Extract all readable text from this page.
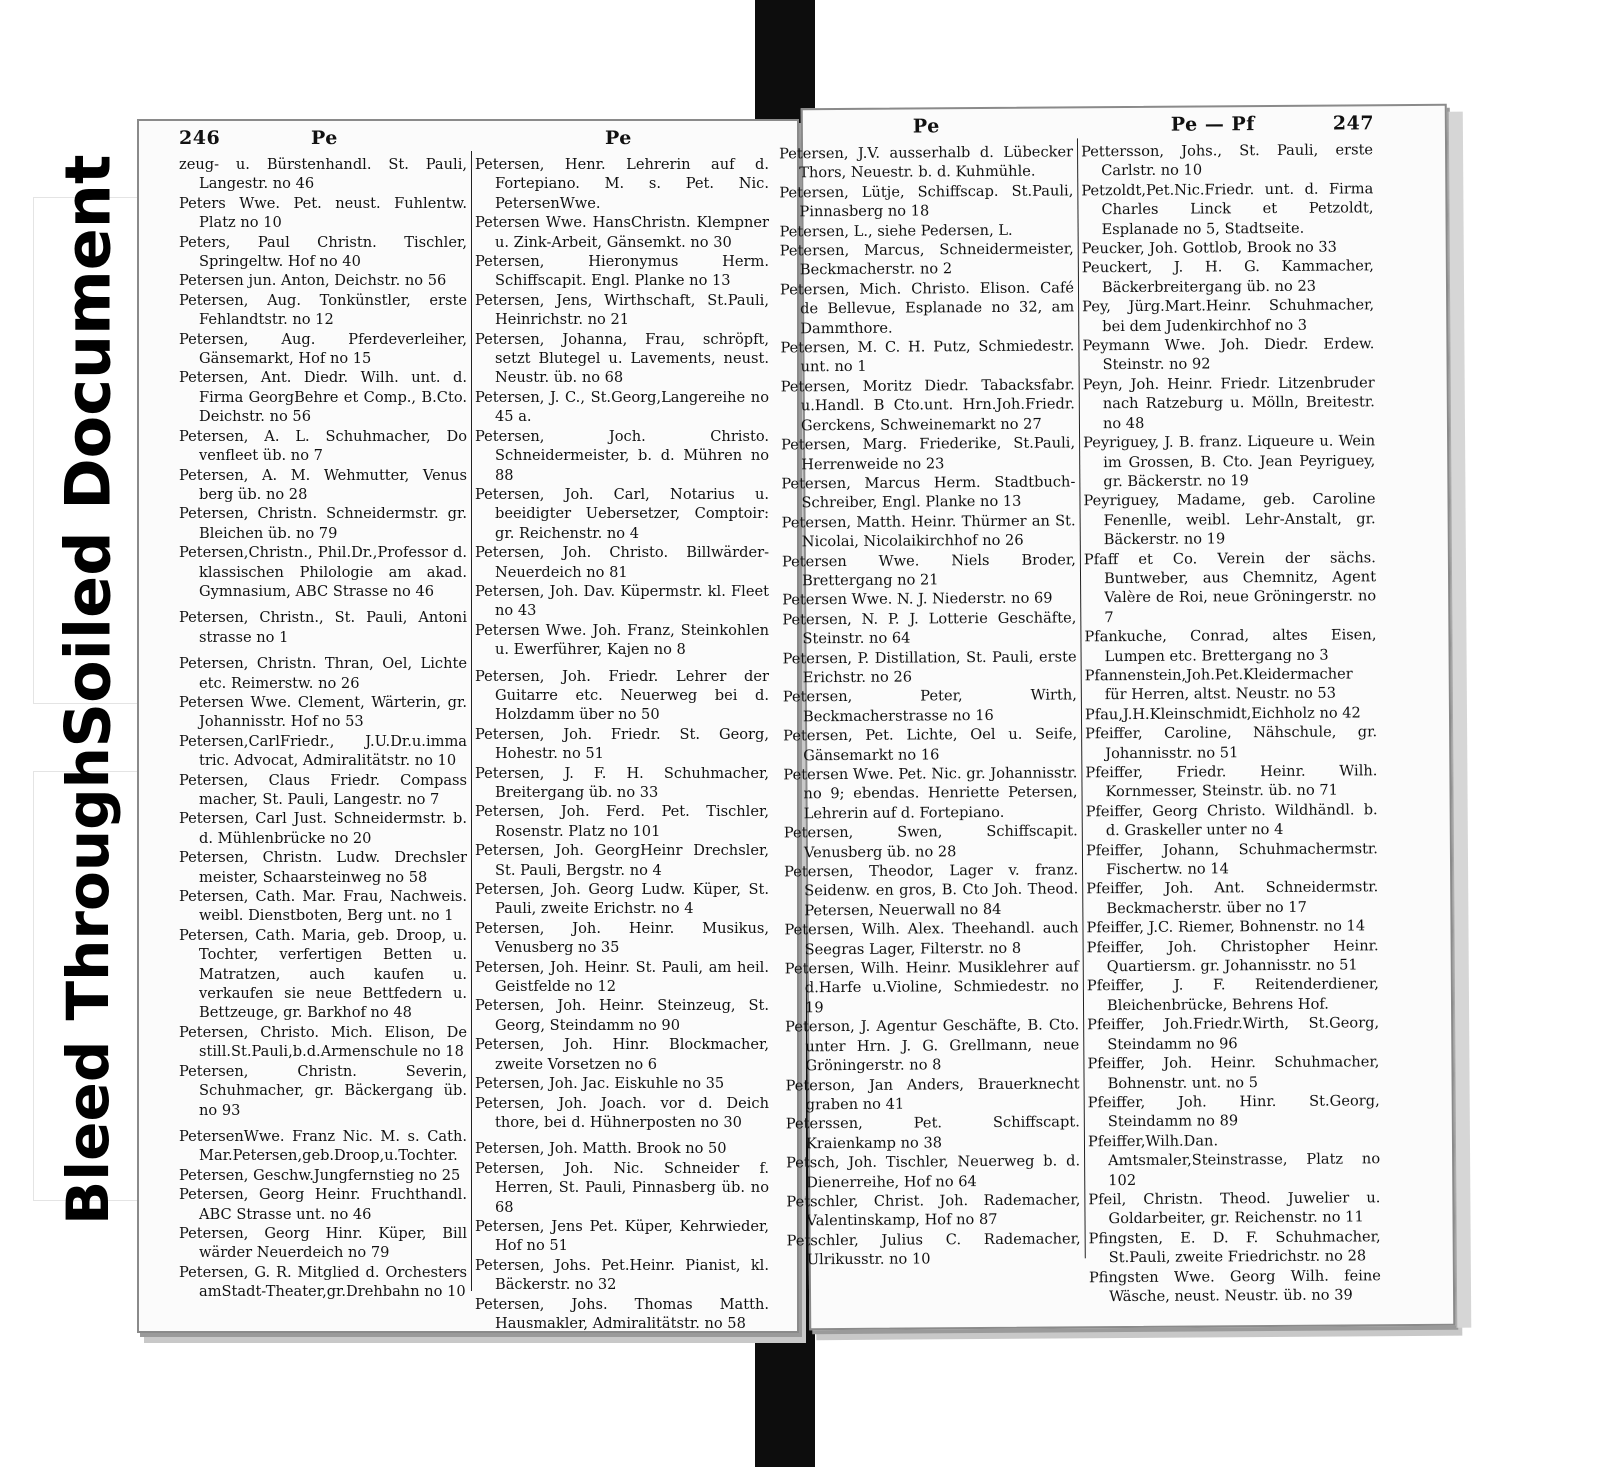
Soiled Document
Bleed Through
246	Pe	Pe

zeug- u. Bürstenhandl. St. Pauli, Langestr. no 46

Peters Wwe. Pet. neust. Fuhlentw. Platz no 10

Peters, Paul Christn. Tischler, Springeltw. Hof no 40

Petersen jun. Anton, Deichstr. no 56

Petersen, Aug. Tonkünstler, erste Fehlandtstr. no 12

Petersen, Aug. Pferdeverleiher, Gänsemarkt, Hof no 15

Petersen, Ant. Diedr. Wilh. unt. d. Firma GeorgBehre et Comp., B.Cto. Deichstr. no 56

Petersen, A. L. Schuhmacher, Do venfleet üb. no 7

Petersen, A. M. Wehmutter, Venus berg üb. no 28

Petersen, Christn. Schneidermstr. gr. Bleichen üb. no 79

Petersen,Christn., Phil.Dr.,Professor d. klassischen Philologie am akad. Gymnasium, ABC Strasse no 46

Petersen, Christn., St. Pauli, Antoni strasse no 1

Petersen, Christn. Thran, Oel, Lichte etc. Reimerstw. no 26

Petersen Wwe. Clement, Wärterin, gr. Johannisstr. Hof no 53

Petersen,CarlFriedr., J.U.Dr.u.imma tric. Advocat, Admiralitätstr. no 10

Petersen, Claus Friedr. Compass macher, St. Pauli, Langestr. no 7

Petersen, Carl Just. Schneidermstr. b. d. Mühlenbrücke no 20

Petersen, Christn. Ludw. Drechsler meister, Schaarsteinweg no 58

Petersen, Cath. Mar. Frau, Nachweis. weibl. Dienstboten, Berg unt. no 1

Petersen, Cath. Maria, geb. Droop, u. Tochter, verfertigen Betten u. Matratzen, auch kaufen u. verkaufen sie neue Bettfedern u. Bettzeuge, gr. Barkhof no 48

Petersen, Christo. Mich. Elison, De still.St.Pauli,b.d.Armenschule no 18

Petersen, Christn. Severin, Schuhmacher, gr. Bäckergang üb. no 93

PetersenWwe. Franz Nic. M. s. Cath. Mar.Petersen,geb.Droop,u.Tochter.

Petersen, Geschw.Jungfernstieg no 25

Petersen, Georg Heinr. Fruchthandl. ABC Strasse unt. no 46

Petersen, Georg Hinr. Küper, Bill wärder Neuerdeich no 79

Petersen, G. R. Mitglied d. Orchesters amStadt-Theater,gr.Drehbahn no 10

Petersen, Henr. Lehrerin auf d. Fortepiano. M. s. Pet. Nic. PetersenWwe.

Petersen Wwe. HansChristn. Klempner u. Zink-Arbeit, Gänsemkt. no 30

Petersen, Hieronymus Herm. Schiffscapit. Engl. Planke no 13

Petersen, Jens, Wirthschaft, St.Pauli, Heinrichstr. no 21

Petersen, Johanna, Frau, schröpft, setzt Blutegel u. Lavements, neust. Neustr. üb. no 68

Petersen, J. C., St.Georg,Langereihe no 45 a.

Petersen, Joch. Christo. Schneidermeister, b. d. Mühren no 88

Petersen, Joh. Carl, Notarius u. beeidigter Uebersetzer, Comptoir: gr. Reichenstr. no 4

Petersen, Joh. Christo. Billwärder-Neuerdeich no 81

Petersen, Joh. Dav. Küpermstr. kl. Fleet no 43

Petersen Wwe. Joh. Franz, Steinkohlen u. Ewerführer, Kajen no 8

Petersen, Joh. Friedr. Lehrer der Guitarre etc. Neuerweg bei d. Holzdamm über no 50

Petersen, Joh. Friedr. St. Georg, Hohestr. no 51

Petersen, J. F. H. Schuhmacher, Breitergang üb. no 33

Petersen, Joh. Ferd. Pet. Tischler, Rosenstr. Platz no 101

Petersen, Joh. GeorgHeinr Drechsler, St. Pauli, Bergstr. no 4

Petersen, Joh. Georg Ludw. Küper, St. Pauli, zweite Erichstr. no 4

Petersen, Joh. Heinr. Musikus, Venusberg no 35

Petersen, Joh. Heinr. St. Pauli, am heil. Geistfelde no 12

Petersen, Joh. Heinr. Steinzeug, St. Georg, Steindamm no 90

Petersen, Joh. Hinr. Blockmacher, zweite Vorsetzen no 6

Petersen, Joh. Jac. Eiskuhle no 35

Petersen, Joh. Joach. vor d. Deich thore, bei d. Hühnerposten no 30

Petersen, Joh. Matth. Brook no 50

Petersen, Joh. Nic. Schneider f. Herren, St. Pauli, Pinnasberg üb. no 68

Petersen, Jens Pet. Küper, Kehrwieder, Hof no 51

Petersen, Johs. Pet.Heinr. Pianist, kl. Bäckerstr. no 32

Petersen, Johs. Thomas Matth. Hausmakler, Admiralitätstr. no 58

Pe	Pe — Pf	247

Petersen, J.V. ausserhalb d. Lübecker Thors, Neuestr. b. d. Kuhmühle.

Petersen, Lütje, Schiffscap. St.Pauli, Pinnasberg no 18

Petersen, L., siehe Pedersen, L.

Petersen, Marcus, Schneidermeister, Beckmacherstr. no 2

Petersen, Mich. Christo. Elison. Café de Bellevue, Esplanade no 32, am Dammthore.

Petersen, M. C. H. Putz, Schmiedestr. unt. no 1

Petersen, Moritz Diedr. Tabacksfabr. u.Handl. B Cto.unt. Hrn.Joh.Friedr. Gerckens, Schweinemarkt no 27

Petersen, Marg. Friederike, St.Pauli, Herrenweide no 23

Petersen, Marcus Herm. Stadtbuch-Schreiber, Engl. Planke no 13

Petersen, Matth. Heinr. Thürmer an St. Nicolai, Nicolaikirchhof no 26

Petersen Wwe. Niels Broder, Brettergang no 21

Petersen Wwe. N. J. Niederstr. no 69

Petersen, N. P. J. Lotterie Geschäfte, Steinstr. no 64

Petersen, P. Distillation, St. Pauli, erste Erichstr. no 26

Petersen, Peter, Wirth, Beckmacherstrasse no 16

Petersen, Pet. Lichte, Oel u. Seife, Gänsemarkt no 16

Petersen Wwe. Pet. Nic. gr. Johannisstr. no 9; ebendas. Henriette Petersen, Lehrerin auf d. Fortepiano.

Petersen, Swen, Schiffscapit. Venusberg üb. no 28

Petersen, Theodor, Lager v. franz. Seidenw. en gros, B. Cto Joh. Theod. Petersen, Neuerwall no 84

Petersen, Wilh. Alex. Theehandl. auch Seegras Lager, Filterstr. no 8

Petersen, Wilh. Heinr. Musiklehrer auf d.Harfe u.Violine, Schmiedestr. no 19

Peterson, J. Agentur Geschäfte, B. Cto. unter Hrn. J. G. Grellmann, neue Gröningerstr. no 8

Peterson, Jan Anders, Brauerknecht graben no 41

Peterssen, Pet. Schiffscapt. Kraienkamp no 38

Petsch, Joh. Tischler, Neuerweg b. d. Dienerreihe, Hof no 64

Petschler, Christ. Joh. Rademacher, Valentinskamp, Hof no 87

Petschler, Julius C. Rademacher, Ulrikusstr. no 10

Pettersson, Johs., St. Pauli, erste Carlstr. no 10

Petzoldt,Pet.Nic.Friedr. unt. d. Firma Charles Linck et Petzoldt, Esplanade no 5, Stadtseite.

Peucker, Joh. Gottlob, Brook no 33

Peuckert, J. H. G. Kammacher, Bäckerbreitergang üb. no 23

Pey, Jürg.Mart.Heinr. Schuhmacher, bei dem Judenkirchhof no 3

Peymann Wwe. Joh. Diedr. Erdew. Steinstr. no 92

Peyn, Joh. Heinr. Friedr. Litzenbruder nach Ratzeburg u. Mölln, Breitestr. no 48

Peyriguey, J. B. franz. Liqueure u. Wein im Grossen, B. Cto. Jean Peyriguey, gr. Bäckerstr. no 19

Peyriguey, Madame, geb. Caroline Fenenlle, weibl. Lehr-Anstalt, gr. Bäckerstr. no 19

Pfaff et Co. Verein der sächs. Buntweber, aus Chemnitz, Agent Valère de Roi, neue Gröningerstr. no 7

Pfankuche, Conrad, altes Eisen, Lumpen etc. Brettergang no 3

Pfannenstein,Joh.Pet.Kleidermacher für Herren, altst. Neustr. no 53

Pfau,J.H.Kleinschmidt,Eichholz no 42

Pfeiffer, Caroline, Nähschule, gr. Johannisstr. no 51

Pfeiffer, Friedr. Heinr. Wilh. Kornmesser, Steinstr. üb. no 71

Pfeiffer, Georg Christo. Wildhändl. b. d. Graskeller unter no 4

Pfeiffer, Johann, Schuhmachermstr. Fischertw. no 14

Pfeiffer, Joh. Ant. Schneidermstr. Beckmacherstr. über no 17

Pfeiffer, J.C. Riemer, Bohnenstr. no 14

Pfeiffer, Joh. Christopher Heinr. Quartiersm. gr. Johannisstr. no 51

Pfeiffer, J. F. Reitenderdiener, Bleichenbrücke, Behrens Hof.

Pfeiffer, Joh.Friedr.Wirth, St.Georg, Steindamm no 96

Pfeiffer, Joh. Heinr. Schuhmacher, Bohnenstr. unt. no 5

Pfeiffer, Joh. Hinr. St.Georg, Steindamm no 89

Pfeiffer,Wilh.Dan. Amtsmaler,Steinstrasse, Platz no 102

Pfeil, Christn. Theod. Juwelier u. Goldarbeiter, gr. Reichenstr. no 11

Pfingsten, E. D. F. Schuhmacher, St.Pauli, zweite Friedrichstr. no 28

Pfingsten Wwe. Georg Wilh. feine Wäsche, neust. Neustr. üb. no 39
